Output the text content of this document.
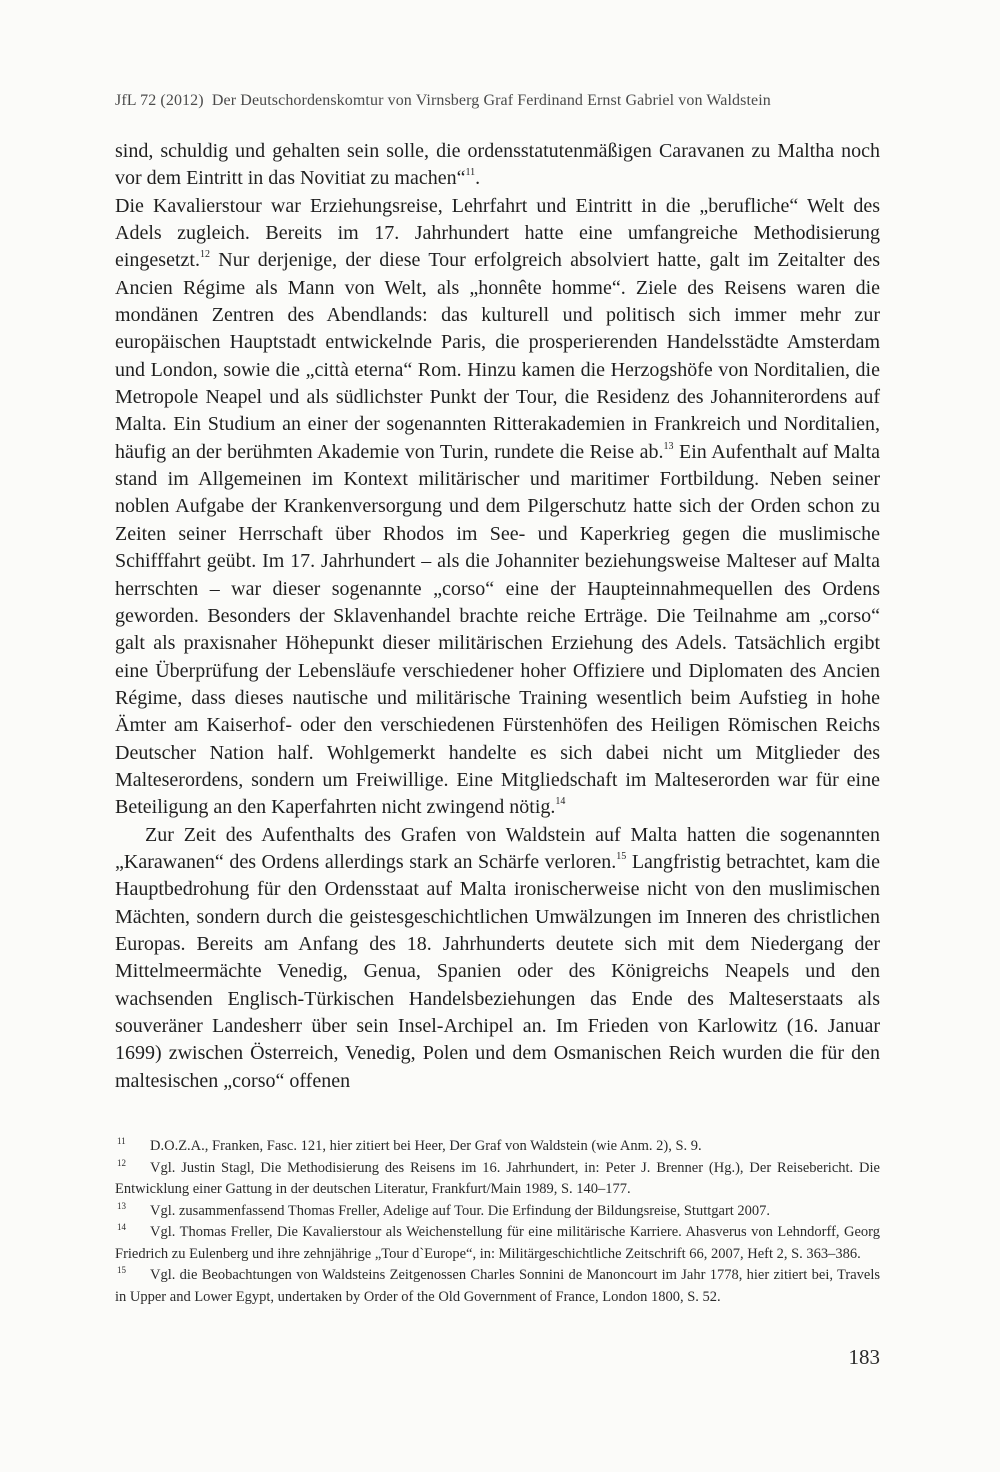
JfL 72 (2012) Der Deutschordenskomtur von Virnsberg Graf Ferdinand Ernst Gabriel von Waldstein

sind, schuldig und gehalten sein solle, die ordensstatutenmäßigen Caravanen zu Maltha noch vor dem Eintritt in das Novitiat zu machen“$^{11}$.

Die Kavalierstour war Erziehungsreise, Lehrfahrt und Eintritt in die „berufliche“ Welt des Adels zugleich. Bereits im 17. Jahrhundert hatte eine umfangreiche Methodisierung eingesetzt.$^{12}$ Nur derjenige, der diese Tour erfolgreich absolviert hatte, galt im Zeitalter des Ancien Régime als Mann von Welt, als „honnête homme“. Ziele des Reisens waren die mondänen Zentren des Abendlands: das kulturell und politisch sich immer mehr zur europäischen Hauptstadt entwickelnde Paris, die prosperierenden Handelsstädte Amsterdam und London, sowie die „città eterna“ Rom. Hinzu kamen die Herzogshöfe von Norditalien, die Metropole Neapel und als südlichster Punkt der Tour, die Residenz des Johanniterordens auf Malta. Ein Studium an einer der sogenannten Ritterakademien in Frankreich und Norditalien, häufig an der berühmten Akademie von Turin, rundete die Reise ab.$^{13}$ Ein Aufenthalt auf Malta stand im Allgemeinen im Kontext militärischer und maritimer Fortbildung. Neben seiner noblen Aufgabe der Krankenversorgung und dem Pilgerschutz hatte sich der Orden schon zu Zeiten seiner Herrschaft über Rhodos im See- und Kaperkrieg gegen die muslimische Schifffahrt geübt. Im 17. Jahrhundert – als die Johanniter beziehungsweise Malteser auf Malta herrschten – war dieser sogenannte „corso“ eine der Haupteinnahmequellen des Ordens geworden. Besonders der Sklavenhandel brachte reiche Erträge. Die Teilnahme am „corso“ galt als praxisnaher Höhepunkt dieser militärischen Erziehung des Adels. Tatsächlich ergibt eine Überprüfung der Lebensläufe verschiedener hoher Offiziere und Diplomaten des Ancien Régime, dass dieses nautische und militärische Training wesentlich beim Aufstieg in hohe Ämter am Kaiserhof- oder den verschiedenen Fürstenhöfen des Heiligen Römischen Reichs Deutscher Nation half. Wohlgemerkt handelte es sich dabei nicht um Mitglieder des Malteserordens, sondern um Freiwillige. Eine Mitgliedschaft im Malteserorden war für eine Beteiligung an den Kaperfahrten nicht zwingend nötig.$^{14}$

Zur Zeit des Aufenthalts des Grafen von Waldstein auf Malta hatten die sogenannten „Karawanen“ des Ordens allerdings stark an Schärfe verloren.$^{15}$ Langfristig betrachtet, kam die Hauptbedrohung für den Ordensstaat auf Malta ironischerweise nicht von den muslimischen Mächten, sondern durch die geistesgeschichtlichen Umwälzungen im Inneren des christlichen Europas. Bereits am Anfang des 18. Jahrhunderts deutete sich mit dem Niedergang der Mittelmeermächte Venedig, Genua, Spanien oder des Königreichs Neapels und den wachsenden Englisch-Türkischen Handelsbeziehungen das Ende des Malteserstaats als souveräner Landesherr über sein Insel-Archipel an. Im Frieden von Karlowitz (16. Januar 1699) zwischen Österreich, Venedig, Polen und dem Osmanischen Reich wurden die für den maltesischen „corso“ offenen

$^{11}$ D.O.Z.A., Franken, Fasc. 121, hier zitiert bei Heer, Der Graf von Waldstein (wie Anm. 2), S. 9.

$^{12}$ Vgl. Justin Stagl, Die Methodisierung des Reisens im 16. Jahrhundert, in: Peter J. Brenner (Hg.), Der Reisebericht. Die Entwicklung einer Gattung in der deutschen Literatur, Frankfurt/Main 1989, S. 140–177.

$^{13}$ Vgl. zusammenfassend Thomas Freller, Adelige auf Tour. Die Erfindung der Bildungsreise, Stuttgart 2007.

$^{14}$ Vgl. Thomas Freller, Die Kavalierstour als Weichenstellung für eine militärische Karriere. Ahasverus von Lehndorff, Georg Friedrich zu Eulenberg und ihre zehnjährige „Tour d`Europe“, in: Militärgeschichtliche Zeitschrift 66, 2007, Heft 2, S. 363–386.

$^{15}$ Vgl. die Beobachtungen von Waldsteins Zeitgenossen Charles Sonnini de Manoncourt im Jahr 1778, hier zitiert bei, Travels in Upper and Lower Egypt, undertaken by Order of the Old Government of France, London 1800, S. 52.

183
